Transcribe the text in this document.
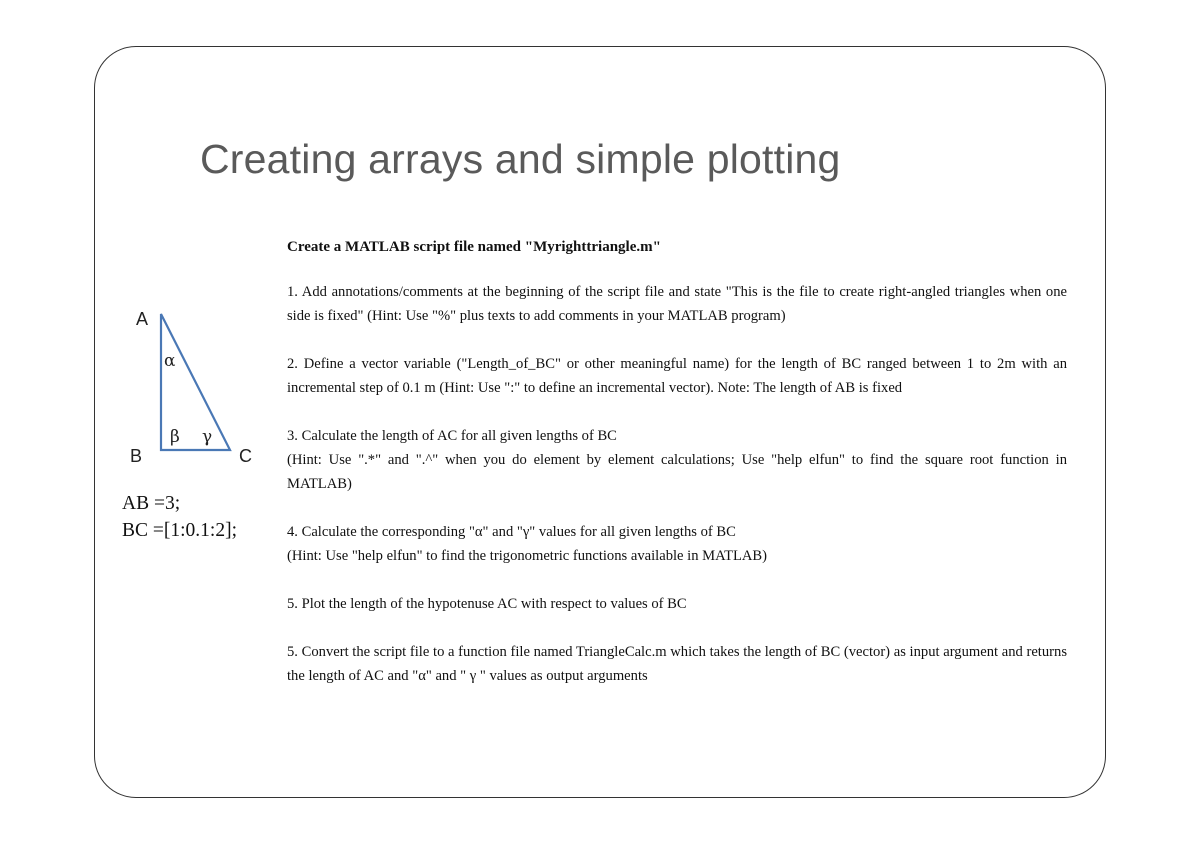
Creating arrays and simple plotting
A
B	C
α
β γ
AB =3;
BC =[1:0.1:2];

Create a MATLAB script file named "Myrighttriangle.m"

1. Add annotations/comments at the beginning of the script file and state "This is the file to create right-angled triangles when one side is fixed" (Hint: Use "%" plus texts to add comments in your MATLAB program)

2. Define a vector variable ("Length_of_BC" or other meaningful name) for the length of BC ranged between 1 to 2m with an incremental step of 0.1 m (Hint: Use ":" to define an incremental vector). Note: The length of AB is fixed

3. Calculate the length of AC for all given lengths of BC
(Hint: Use ".*" and ".^" when you do element by element calculations; Use "help elfun" to find the square root function in MATLAB)

4. Calculate the corresponding "α" and "γ" values for all given lengths of BC
(Hint: Use "help elfun" to find the trigonometric functions available in MATLAB)

5. Plot the length of the hypotenuse AC with respect to values of BC

5. Convert the script file to a function file named TriangleCalc.m which takes the length of BC (vector) as input argument and returns the length of AC and "α" and " γ " values as output arguments
